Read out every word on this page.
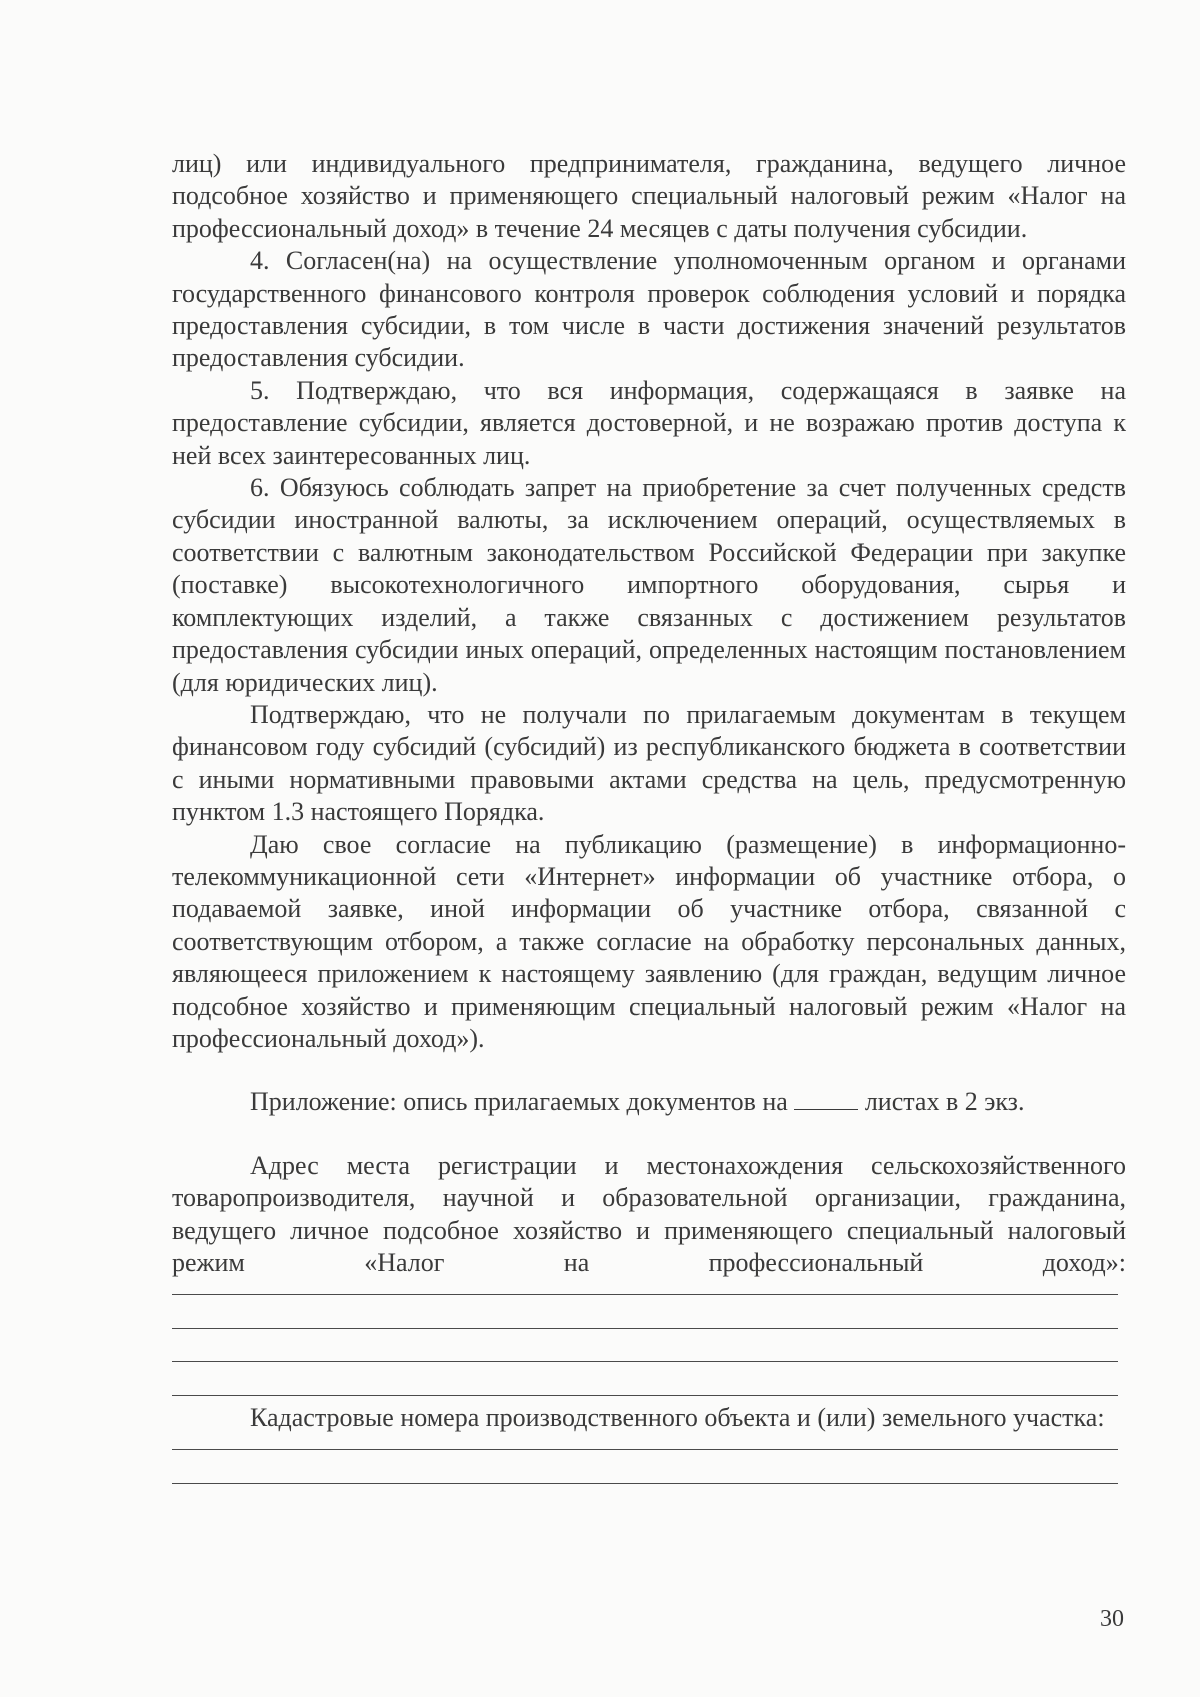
лиц) или индивидуального предпринимателя, гражданина, ведущего личное подсобное хозяйство и применяющего специальный налоговый режим «Налог на профессиональный доход» в течение 24 месяцев с даты получения субсидии.

4. Согласен(на) на осуществление уполномоченным органом и органами государственного финансового контроля проверок соблюдения условий и порядка предоставления субсидии, в том числе в части достижения значений результатов предоставления субсидии.

5. Подтверждаю, что вся информация, содержащаяся в заявке на предоставление субсидии, является достоверной, и не возражаю против доступа к ней всех заинтересованных лиц.

6. Обязуюсь соблюдать запрет на приобретение за счет полученных средств субсидии иностранной валюты, за исключением операций, осуществляемых в соответствии с валютным законодательством Российской Федерации при закупке (поставке) высокотехнологичного импортного оборудования, сырья и комплектующих изделий, а также связанных с достижением результатов предоставления субсидии иных операций, определенных настоящим постановлением (для юридических лиц).

Подтверждаю, что не получали по прилагаемым документам в текущем финансовом году субсидий (субсидий) из республиканского бюджета в соответствии с иными нормативными правовыми актами средства на цель, предусмотренную пунктом 1.3 настоящего Порядка.

Даю свое согласие на публикацию (размещение) в информационно-телекоммуникационной сети «Интернет» информации об участнике отбора, о подаваемой заявке, иной информации об участнике отбора, связанной с соответствующим отбором, а также согласие на обработку персональных данных, являющееся приложением к настоящему заявлению (для граждан, ведущим личное подсобное хозяйство и применяющим специальный налоговый режим «Налог на профессиональный доход»).

Приложение: опись прилагаемых документов на  листах в 2 экз.

Адрес места регистрации и местонахождения сельскохозяйственного товаропроизводителя, научной и образовательной организации, гражданина, ведущего личное подсобное хозяйство и применяющего специальный налоговый режим «Налог на профессиональный доход»:

Кадастровые номера производственного объекта и (или) земельного участка:

30
